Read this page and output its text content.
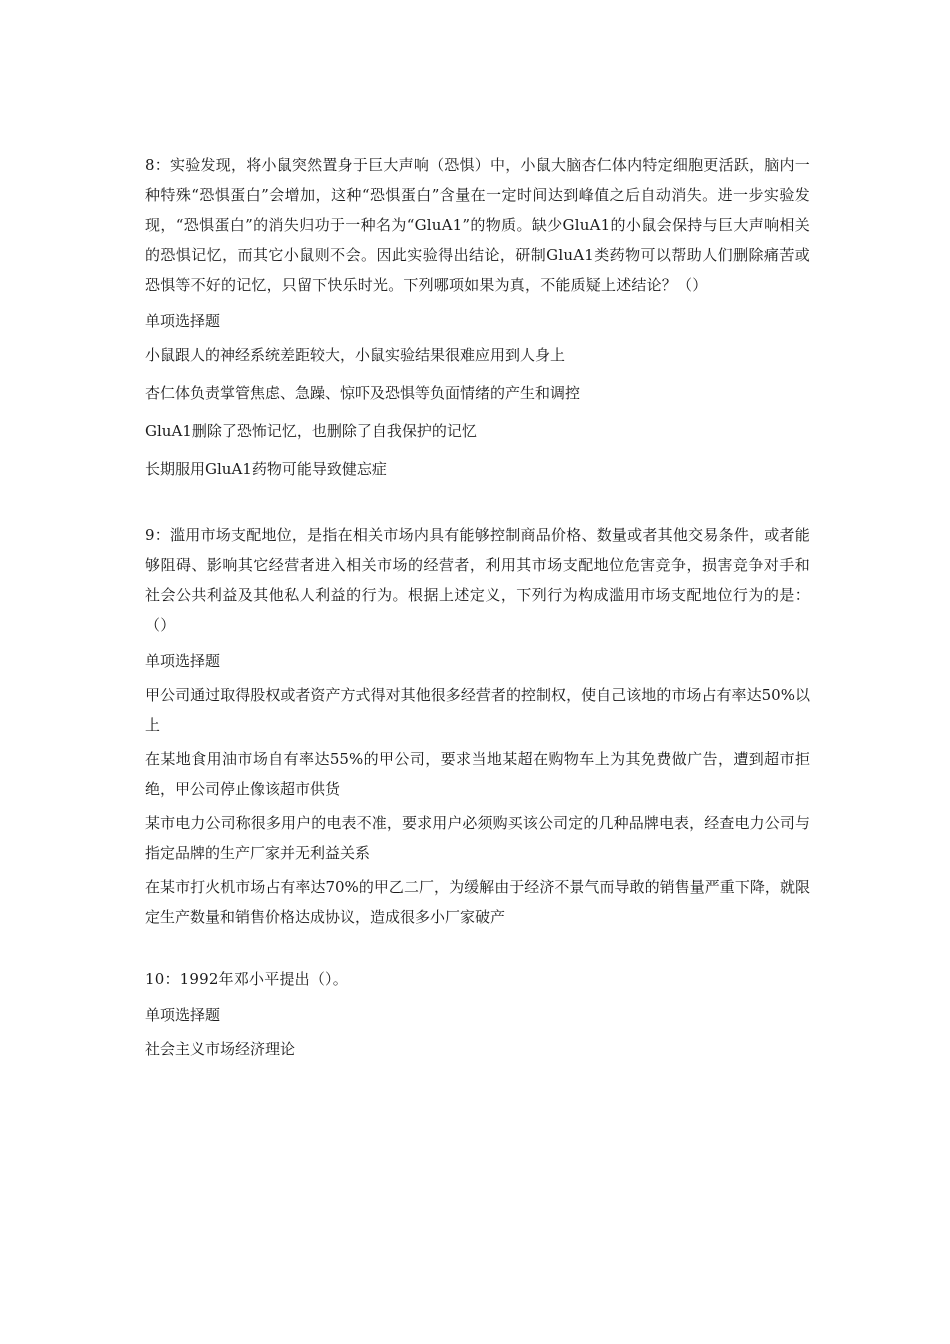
8：实验发现，将小鼠突然置身于巨大声响（恐惧）中，小鼠大脑杏仁体内特定细胞更活跃，脑内一种特殊“恐惧蛋白”会增加，这种“恐惧蛋白”含量在一定时间达到峰值之后自动消失。进一步实验发现，“恐惧蛋白”的消失归功于一种名为“GluA1”的物质。缺少GluA1的小鼠会保持与巨大声响相关的恐惧记忆，而其它小鼠则不会。因此实验得出结论，研制GluA1类药物可以帮助人们删除痛苦或恐惧等不好的记忆，只留下快乐时光。下列哪项如果为真，不能质疑上述结论？（）

单项选择题

小鼠跟人的神经系统差距较大，小鼠实验结果很难应用到人身上
杏仁体负责掌管焦虑、急躁、惊吓及恐惧等负面情绪的产生和调控
GluA1删除了恐怖记忆，也删除了自我保护的记忆
长期服用GluA1药物可能导致健忘症

9：滥用市场支配地位，是指在相关市场内具有能够控制商品价格、数量或者其他交易条件，或者能够阻碍、影响其它经营者进入相关市场的经营者，利用其市场支配地位危害竞争，损害竞争对手和社会公共利益及其他私人利益的行为。根据上述定义，下列行为构成滥用市场支配地位行为的是：（）

单项选择题

甲公司通过取得股权或者资产方式得对其他很多经营者的控制权，使自己该地的市场占有率达50%以上
在某地食用油市场自有率达55%的甲公司，要求当地某超在购物车上为其免费做广告，遭到超市拒绝，甲公司停止像该超市供货
某市电力公司称很多用户的电表不准，要求用户必须购买该公司定的几种品牌电表，经查电力公司与指定品牌的生产厂家并无利益关系
在某市打火机市场占有率达70%的甲乙二厂，为缓解由于经济不景气而导敢的销售量严重下降，就限定生产数量和销售价格达成协议，造成很多小厂家破产

10：1992年邓小平提出（）。

单项选择题

社会主义市场经济理论
